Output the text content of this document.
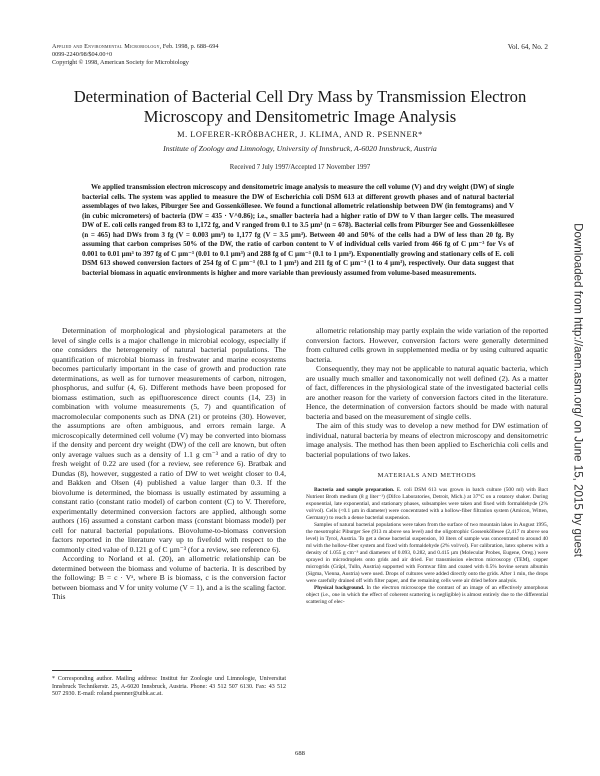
Applied and Environmental Microbiology, Feb. 1998, p. 688–694
0099-2240/98/$04.00+0
Copyright © 1998, American Society for Microbiology
Vol. 64, No. 2
Determination of Bacterial Cell Dry Mass by Transmission Electron Microscopy and Densitometric Image Analysis
M. LOFERER-KRÖßBACHER, J. KLIMA, AND R. PSENNER*
Institute of Zoology and Limnology, University of Innsbruck, A-6020 Innsbruck, Austria
Received 7 July 1997/Accepted 17 November 1997

We applied transmission electron microscopy and densitometric image analysis to measure the cell volume (V) and dry weight (DW) of single bacterial cells. The system was applied to measure the DW of Escherichia coli DSM 613 at different growth phases and of natural bacterial assemblages of two lakes, Piburger See and Gossenköllesee. We found a functional allometric relationship between DW (in femtograms) and V (in cubic micrometers) of bacteria (DW = 435 · V^0.86); i.e., smaller bacteria had a higher ratio of DW to V than larger cells. The measured DW of E. coli cells ranged from 83 to 1,172 fg, and V ranged from 0.1 to 3.5 µm³ (n = 678). Bacterial cells from Piburger See and Gossenköllesee (n = 465) had DWs from 3 fg (V = 0.003 µm³) to 1,177 fg (V = 3.5 µm³). Between 40 and 50% of the cells had a DW of less than 20 fg. By assuming that carbon comprises 50% of the DW, the ratio of carbon content to V of individual cells varied from 466 fg of C µm⁻³ for Vs of 0.001 to 0.01 µm³ to 397 fg of C µm⁻³ (0.01 to 0.1 µm³) and 288 fg of C µm⁻³ (0.1 to 1 µm³). Exponentially growing and stationary cells of E. coli DSM 613 showed conversion factors of 254 fg of C µm⁻³ (0.1 to 1 µm³) and 211 fg of C µm⁻³ (1 to 4 µm³), respectively. Our data suggest that bacterial biomass in aquatic environments is higher and more variable than previously assumed from volume-based measurements.

Determination of morphological and physiological parameters at the level of single cells is a major challenge in microbial ecology, especially if one considers the heterogeneity of natural bacterial populations. The quantification of microbial biomass in freshwater and marine ecosystems becomes particularly important in the case of growth and production rate determinations, as well as for turnover measurements of carbon, nitrogen, phosphorus, and sulfur (4, 6). Different methods have been proposed for biomass estimation, such as epifluorescence direct counts (14, 23) in combination with volume measurements (5, 7) and quantification of macromolecular components such as DNA (21) or proteins (30). However, the assumptions are often ambiguous, and errors remain large. A microscopically determined cell volume (V) may be converted into biomass if the density and percent dry weight (DW) of the cell are known, but often only average values such as a density of 1.1 g cm⁻³ and a ratio of dry to fresh weight of 0.22 are used (for a review, see reference 6). Bratbak and Dundas (8), however, suggested a ratio of DW to wet weight closer to 0.4, and Bakken and Olsen (4) published a value larger than 0.3. If the biovolume is determined, the biomass is usually estimated by assuming a constant ratio (constant ratio model) of carbon content (C) to V. Therefore, experimentally determined conversion factors are applied, although some authors (16) assumed a constant carbon mass (constant biomass model) per cell for natural bacterial populations. Biovolume-to-biomass conversion factors reported in the literature vary up to fivefold with respect to the commonly cited value of 0.121 g of C µm⁻³ (for a review, see reference 6).

According to Norland et al. (20), an allometric relationship can be determined between the biomass and volume of bacteria. It is described by the following: B = c · Vᵃ, where B is biomass, c is the conversion factor between biomass and V for unity volume (V = 1), and a is the scaling factor. This

* Corresponding author. Mailing address: Institut fur Zoologie und Limnologie, Universitat Innsbruck Technikerstr. 25, A-6020 Innsbruck, Austria. Phone: 43 512 507 6130. Fax: 43 512 507 2930. E-mail: roland.psenner@uibk.ac.at.

allometric relationship may partly explain the wide variation of the reported conversion factors. However, conversion factors were generally determined from cultured cells grown in supplemented media or by using cultured aquatic bacteria.

Consequently, they may not be applicable to natural aquatic bacteria, which are usually much smaller and taxonomically not well defined (2). As a matter of fact, differences in the physiological state of the investigated bacterial cells are another reason for the variety of conversion factors cited in the literature. Hence, the determination of conversion factors should be made with natural bacteria and based on the measurement of single cells.

The aim of this study was to develop a new method for DW estimation of individual, natural bacteria by means of electron microscopy and densitometric image analysis. The method has then been applied to Escherichia coli cells and bacterial populations of two lakes.

MATERIALS AND METHODS

Bacteria and sample preparation. E. coli DSM 613 was grown in batch culture (500 ml) with Bact Nutrient Broth medium (8 g liter⁻¹) (Difco Laboratories, Detroit, Mich.) at 37°C on a rotatory shaker. During exponential, late exponential, and stationary phases, subsamples were taken and fixed with formaldehyde (2% vol/vol). Cells (<0.1 µm in diameter) were concentrated with a hollow-fiber filtration system (Amicon, Witten, Germany) to reach a dense bacterial suspension.

Samples of natural bacterial populations were taken from the surface of two mountain lakes in August 1995, the mesotrophic Piburger See (913 m above sea level) and the oligotrophic Gossenköllesee (2,417 m above sea level) in Tyrol, Austria. To get a dense bacterial suspension, 10 liters of sample was concentrated to around 40 ml with the hollow-fiber system and fixed with formaldehyde (2% vol/vol). For calibration, latex spheres with a density of 1.055 g cm⁻³ and diameters of 0.093, 0.282, and 0.415 µm (Molecular Probes, Eugene, Oreg.) were sprayed in microdroplets onto grids and air dried. For transmission electron microscopy (TEM), copper microgrids (Gräpl, Tulln, Austria) supported with Formvar film and coated with 0.5% bovine serum albumin (Sigma, Vienna, Austria) were used. Drops of cultures were added directly onto the grids. After 1 min, the drops were carefully drained off with filter paper, and the remaining cells were air dried before analysis.

Physical background. In the electron microscope the contrast of an image of an effectively amorphous object (i.e., one in which the effect of coherent scattering is negligible) is almost entirely due to the differential scattering of elec-

688
Downloaded from http://aem.asm.org/ on June 15, 2015 by guest
